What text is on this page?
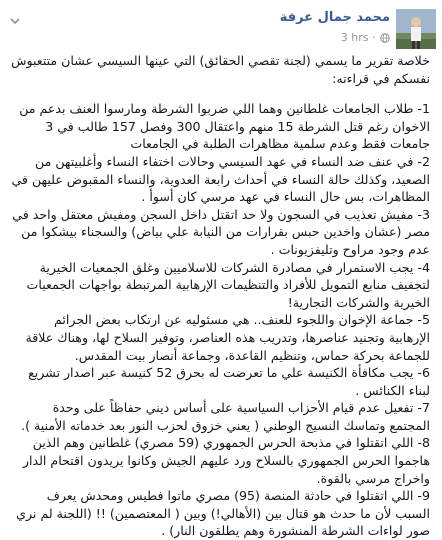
محمد جمال عرفة
3 hrs ·

خلاصة تقرير ما يسمي (لجنة تقصي الحقائق) التي عينها السيسي عشان متتعبوش نفسكم في قراءته:

1- طلاب الجامعات غلطانين وهما اللي ضربوا الشرطة ومارسوا العنف بدعم من الاخوان رغم قتل الشرطة 15 منهم واعتقال 300 وفصل 157 طالب في 3 جامعات فقط وعدم سلمية مظاهرات الطلبة في الجامعات

2- في عنف ضد النساء في عهد السيسي وحالات اختفاء النساء وأغلبيتهن من الصعيد، وكذلك حالة النساء في أحداث رابعة العدوية، والنساء المقبوض عليهن في المظاهرات، بس حال النساء في عهد مرسي كان أسوأ .

3- مفيش تعذيب في السجون ولا حد اتقتل داخل السجن ومفيش معتقل واحد في مصر (عشان واخدين حبس بقرارات من النيابة علي بياض) والسجناء بيشكوا من عدم وجود مراوح وتليفزيونات .

4- يجب الاستمرار في مصادرة الشركات للاسلاميين وغلق الجمعيات الخيرية لتجفيف منابع التمويل للأفراد والتنظيمات الإرهابية المرتبطة بواجهات الجمعيات الخيرية والشركات التجارية!

5- جماعة الإخوان واللجوء للعنف.. هي مسئوليه عن ارتكاب بعض الجرائم الإرهابية وتجنيد عناصرها، وتدريب هذه العناصر، وتوفير السلاح لها، وهناك علاقة للجماعة بحركة حماس، وتنظيم القاعدة، وجماعة أنصار بيت المقدس.

6- يجب مكافأة الكنيسة علي ما تعرضت له بحرق 52 كنيسة عبر اصدار تشريع لبناء الكنائس .

7- تفعيل عدم قيام الأحزاب السياسية على أساس ديني حفاظاً على وحدة المجتمع وتماسك النسيج الوطني ( يعني خزوق لحزب النور بعد خدماته الأمنية ).

8- اللي اتقتلوا في مذبحة الحرس الجمهوري (59 مصري) غلطانين وهم الذين هاجموا الحرس الجمهوري بالسلاح ورد عليهم الجيش وكانوا يريدون اقتحام الدار واخراج مرسي بالقوة.

9- اللي اتقتلوا في حادثة المنصة (95) مصري ماتوا فطيس ومحدش يعرف السبب لأن ما حدث هو قتال بين (الأهالي!) وبين ( المعتصمين) !! (اللجنة لم نري صور لواءات الشرطة المنشورة وهم يطلقون النار) .
